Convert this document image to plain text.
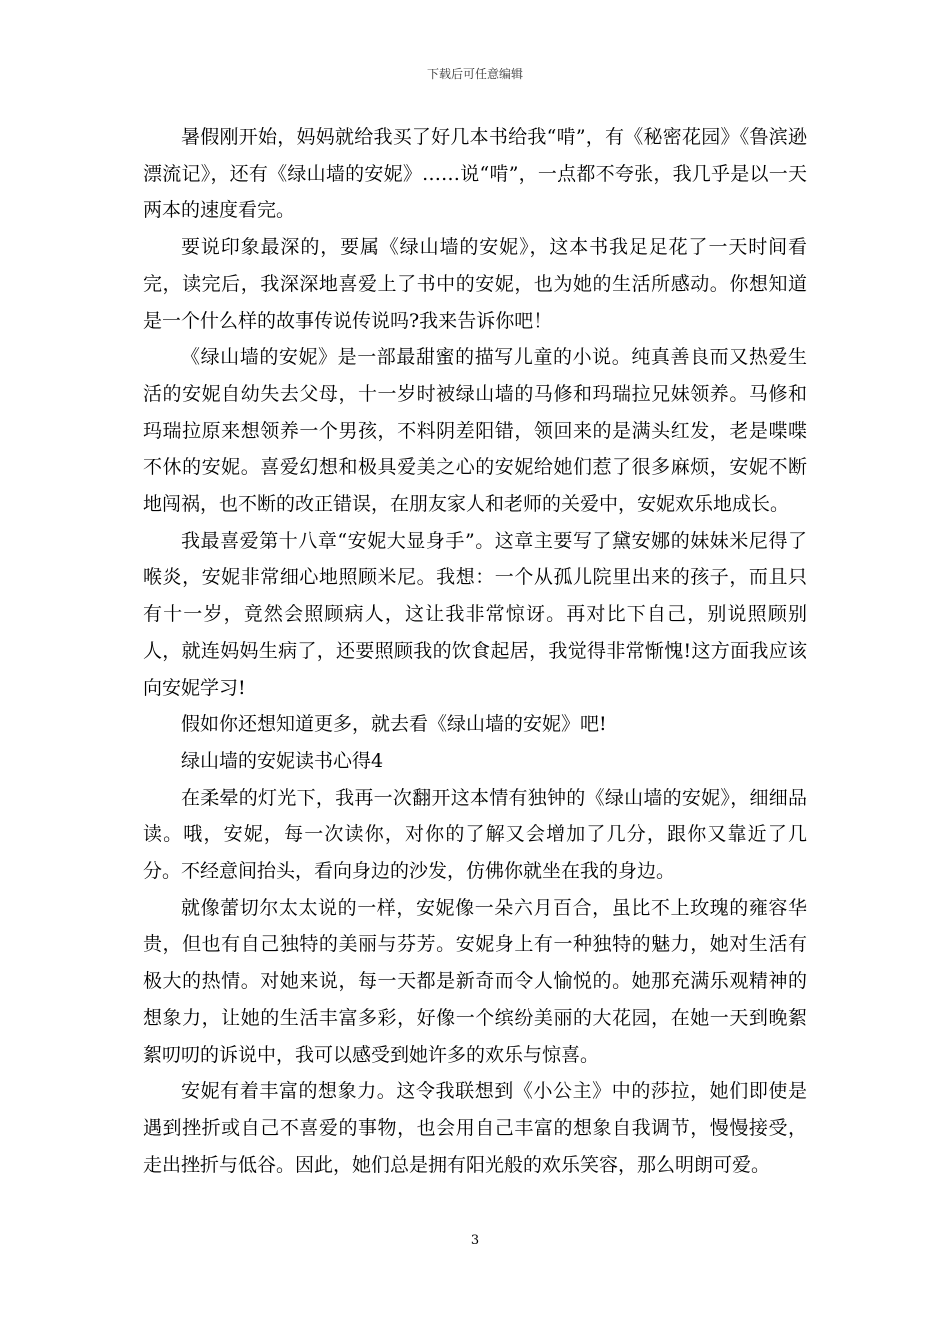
下载后可任意编辑

暑假刚开始，妈妈就给我买了好几本书给我“啃”，有《秘密花园》《鲁滨逊漂流记》，还有《绿山墙的安妮》……说“啃”，一点都不夸张，我几乎是以一天两本的速度看完。

要说印象最深的，要属《绿山墙的安妮》，这本书我足足花了一天时间看完，读完后，我深深地喜爱上了书中的安妮，也为她的生活所感动。你想知道是一个什么样的故事传说传说吗?我来告诉你吧！

《绿山墙的安妮》是一部最甜蜜的描写儿童的小说。纯真善良而又热爱生活的安妮自幼失去父母，十一岁时被绿山墙的马修和玛瑞拉兄妹领养。马修和玛瑞拉原来想领养一个男孩，不料阴差阳错，领回来的是满头红发，老是喋喋不休的安妮。喜爱幻想和极具爱美之心的安妮给她们惹了很多麻烦，安妮不断地闯祸，也不断的改正错误，在朋友家人和老师的关爱中，安妮欢乐地成长。

我最喜爱第十八章“安妮大显身手”。这章主要写了黛安娜的妹妹米尼得了喉炎，安妮非常细心地照顾米尼。我想：一个从孤儿院里出来的孩子，而且只有十一岁，竟然会照顾病人，这让我非常惊讶。再对比下自己，别说照顾别人，就连妈妈生病了，还要照顾我的饮食起居，我觉得非常惭愧!这方面我应该向安妮学习!

假如你还想知道更多，就去看《绿山墙的安妮》吧!

绿山墙的安妮读书心得4

在柔晕的灯光下，我再一次翻开这本情有独钟的《绿山墙的安妮》，细细品读。哦，安妮，每一次读你，对你的了解又会增加了几分，跟你又靠近了几分。不经意间抬头，看向身边的沙发，仿佛你就坐在我的身边。

就像蕾切尔太太说的一样，安妮像一朵六月百合，虽比不上玫瑰的雍容华贵，但也有自己独特的美丽与芬芳。安妮身上有一种独特的魅力，她对生活有极大的热情。对她来说，每一天都是新奇而令人愉悦的。她那充满乐观精神的想象力，让她的生活丰富多彩，好像一个缤纷美丽的大花园，在她一天到晚絮絮叨叨的诉说中，我可以感受到她许多的欢乐与惊喜。

安妮有着丰富的想象力。这令我联想到《小公主》中的莎拉，她们即使是遇到挫折或自己不喜爱的事物，也会用自己丰富的想象自我调节，慢慢接受，走出挫折与低谷。因此，她们总是拥有阳光般的欢乐笑容，那么明朗可爱。

3
